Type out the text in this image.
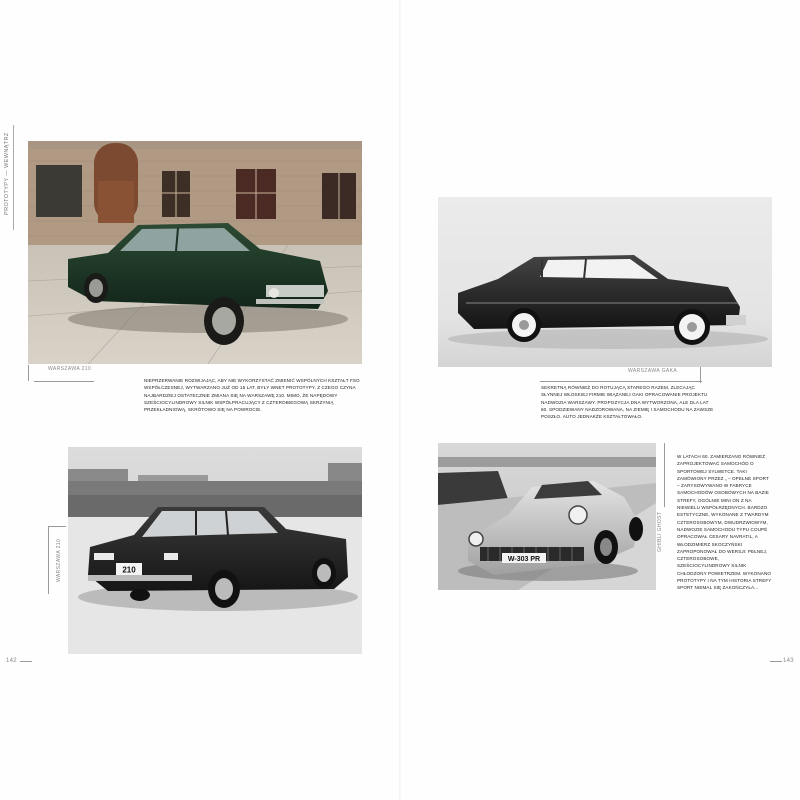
PROTOTYPY — WEWNĄTRZ
WARSZAWA 210
NIEPRZERWANIE ROZWIJAJĄC, ABY NIE WYKORZYSTAĆ ZMIENIĆ WSPÓLNYCH KSZTAŁT FSO WSPÓŁCZESNEJ, WYTWARZANO JUŻ OD 15 LAT. BYŁY WNET PROTOTYPY, Z CZEGO CZYNA NAJBARDZIEJ OSTATECZNIE ZMIANA SIĘ NA WARSZAWĘ 210. MIMO, ŻE NAPĘDOWY SZEŚCIOCYLINDROWY SILNIK WSPÓŁPRACUJĄCY Z CZTEROBIEGOWĄ SKRZYNIĄ PRZEKŁADNIOWĄ, SKRÓTOWO SIĘ NA POWROCIE.
WARSZAWA GAKA
SEKRETNĄ RÓWNIEŻ DO ROTUJĄCĄ STAREGO RAZEM, ZLECAJĄC SŁYNNEJ WŁOSKIEJ FIRMIE WIĄZANEJ GAKI OPRACOWANIE PROJEKTU NADWOZIA WARSZAWY. PROPOZYCJA DNA WYTWORZONA, ALE DLA LAT 60. SPODZIEWANY NADZOROWANA, NA ZIEMIĘ I SAMOCHODU NA ZAWSZE POSZŁO. AUTO JEDNAKŻE KSZTAŁTOWAŁO.
210
WARSZAWA 210	W-303 PR
GHIBLI GHOST
W LATACH 60. ZAMIERZANO RÓWNIEŻ ZAPROJEKTOWAĆ SAMOCHÓD O SPORTOWEJ SYLWETCE. TAKI ZAMÓWIONY PRZEZ „ – OPEŁNE SPORT – ZARYSOWYWANO W FABRYCE SAMOCHODÓW OSOBOWYCH NA BAZIE STREFY, OGÓLNIE MINI ON Z NA NIEWIELU WSPÓŁRZĘDNYCH. BARDZO ESTETYCZNE, WYKONANE Z TWARDYM CZTEROSOBOWYM, DWUDRZWIOWYM, NADWOZIE SAMOCHODU TYPU COUPÉ OPRACOWAŁ CESARY NAVRATIL, A WŁODZIMIERZ SKOCZYŃSKI ZAPROPONOWAŁ DO WERSJI: PEŁNEJ, CZTEROSOBOWE, SZEŚCIOCYLINDROWY SILNIK CHŁODZONY POWIETRZEM. WYKONANO PROTOTYPY I NA TYM HISTORIA STREFY SPORT NIEMAL SIĘ ZAKOŃCZYŁA...
142	143
